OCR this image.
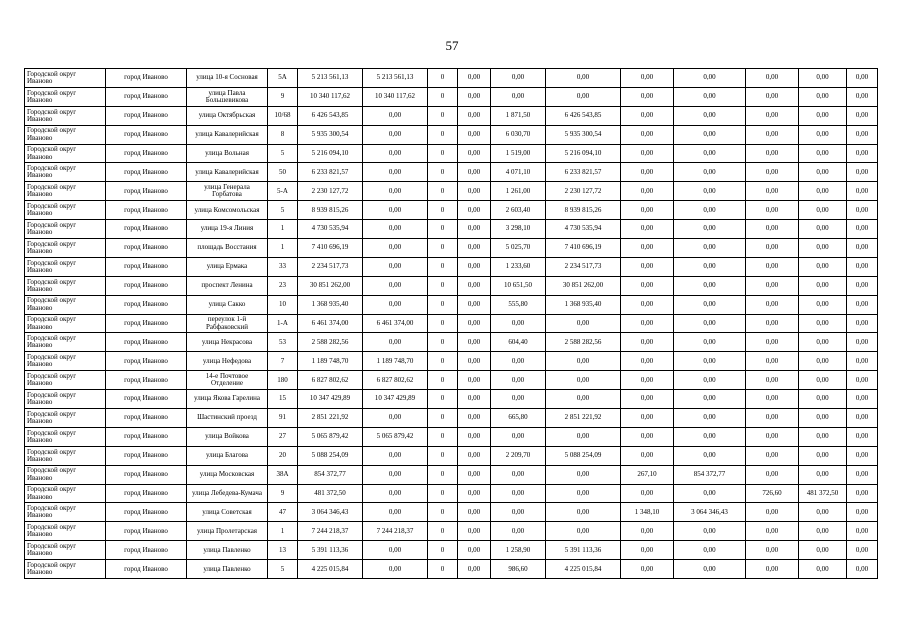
57
Городской округ Иваново	город Иваново	улица 10-я Сосновая	5А	5 213 561,13	5 213 561,13	0	0,00	0,00	0,00	0,00	0,00	0,00	0,00	0,00
Городской округ Иваново	город Иваново	улица Павла Большевикова	9	10 340 117,62	10 340 117,62	0	0,00	0,00	0,00	0,00	0,00	0,00	0,00	0,00
Городской округ Иваново	город Иваново	улица Октябрьская	10/68	6 426 543,85	0,00	0	0,00	1 871,50	6 426 543,85	0,00	0,00	0,00	0,00	0,00
Городской округ Иваново	город Иваново	улица Кавалерийская	8	5 935 300,54	0,00	0	0,00	6 030,70	5 935 300,54	0,00	0,00	0,00	0,00	0,00
Городской округ Иваново	город Иваново	улица Вольная	5	5 216 094,10	0,00	0	0,00	1 519,00	5 216 094,10	0,00	0,00	0,00	0,00	0,00
Городской округ Иваново	город Иваново	улица Кавалерийская	50	6 233 821,57	0,00	0	0,00	4 071,10	6 233 821,57	0,00	0,00	0,00	0,00	0,00
Городской округ Иваново	город Иваново	улица Генерала Горбатова	5-А	2 230 127,72	0,00	0	0,00	1 261,00	2 230 127,72	0,00	0,00	0,00	0,00	0,00
Городской округ Иваново	город Иваново	улица Комсомольская	5	8 939 815,26	0,00	0	0,00	2 603,40	8 939 815,26	0,00	0,00	0,00	0,00	0,00
Городской округ Иваново	город Иваново	улица 19-я Линия	1	4 730 535,94	0,00	0	0,00	3 298,10	4 730 535,94	0,00	0,00	0,00	0,00	0,00
Городской округ Иваново	город Иваново	площадь Восстания	1	7 410 696,19	0,00	0	0,00	5 025,70	7 410 696,19	0,00	0,00	0,00	0,00	0,00
Городской округ Иваново	город Иваново	улица Ермака	33	2 234 517,73	0,00	0	0,00	1 233,60	2 234 517,73	0,00	0,00	0,00	0,00	0,00
Городской округ Иваново	город Иваново	проспект Ленина	23	30 851 262,00	0,00	0	0,00	10 651,50	30 851 262,00	0,00	0,00	0,00	0,00	0,00
Городской округ Иваново	город Иваново	улица Сакко	10	1 368 935,40	0,00	0	0,00	555,80	1 368 935,40	0,00	0,00	0,00	0,00	0,00
Городской округ Иваново	город Иваново	переулок 1-й Рабфаковский	1-А	6 461 374,00	6 461 374,00	0	0,00	0,00	0,00	0,00	0,00	0,00	0,00	0,00
Городской округ Иваново	город Иваново	улица Некрасова	53	2 588 282,56	0,00	0	0,00	604,40	2 588 282,56	0,00	0,00	0,00	0,00	0,00
Городской округ Иваново	город Иваново	улица Нефедова	7	1 189 748,70	1 189 748,70	0	0,00	0,00	0,00	0,00	0,00	0,00	0,00	0,00
Городской округ Иваново	город Иваново	14-е Почтовое Отделение	180	6 827 802,62	6 827 802,62	0	0,00	0,00	0,00	0,00	0,00	0,00	0,00	0,00
Городской округ Иваново	город Иваново	улица Якова Гарелина	15	10 347 429,89	10 347 429,89	0	0,00	0,00	0,00	0,00	0,00	0,00	0,00	0,00
Городской округ Иваново	город Иваново	Шастинский проезд	91	2 851 221,92	0,00	0	0,00	665,80	2 851 221,92	0,00	0,00	0,00	0,00	0,00
Городской округ Иваново	город Иваново	улица Войкова	27	5 065 879,42	5 065 879,42	0	0,00	0,00	0,00	0,00	0,00	0,00	0,00	0,00
Городской округ Иваново	город Иваново	улица Благова	20	5 088 254,09	0,00	0	0,00	2 209,70	5 088 254,09	0,00	0,00	0,00	0,00	0,00
Городской округ Иваново	город Иваново	улица Московская	38А	854 372,77	0,00	0	0,00	0,00	0,00	267,10	854 372,77	0,00	0,00	0,00
Городской округ Иваново	город Иваново	улица Лебедева-Кумача	9	481 372,50	0,00	0	0,00	0,00	0,00	0,00	0,00	726,60	481 372,50	0,00
Городской округ Иваново	город Иваново	улица Советская	47	3 064 346,43	0,00	0	0,00	0,00	0,00	1 348,10	3 064 346,43	0,00	0,00	0,00
Городской округ Иваново	город Иваново	улица Пролетарская	1	7 244 218,37	7 244 218,37	0	0,00	0,00	0,00	0,00	0,00	0,00	0,00	0,00
Городской округ Иваново	город Иваново	улица Павленко	13	5 391 113,36	0,00	0	0,00	1 258,90	5 391 113,36	0,00	0,00	0,00	0,00	0,00
Городской округ Иваново	город Иваново	улица Павленко	5	4 225 015,84	0,00	0	0,00	986,60	4 225 015,84	0,00	0,00	0,00	0,00	0,00
